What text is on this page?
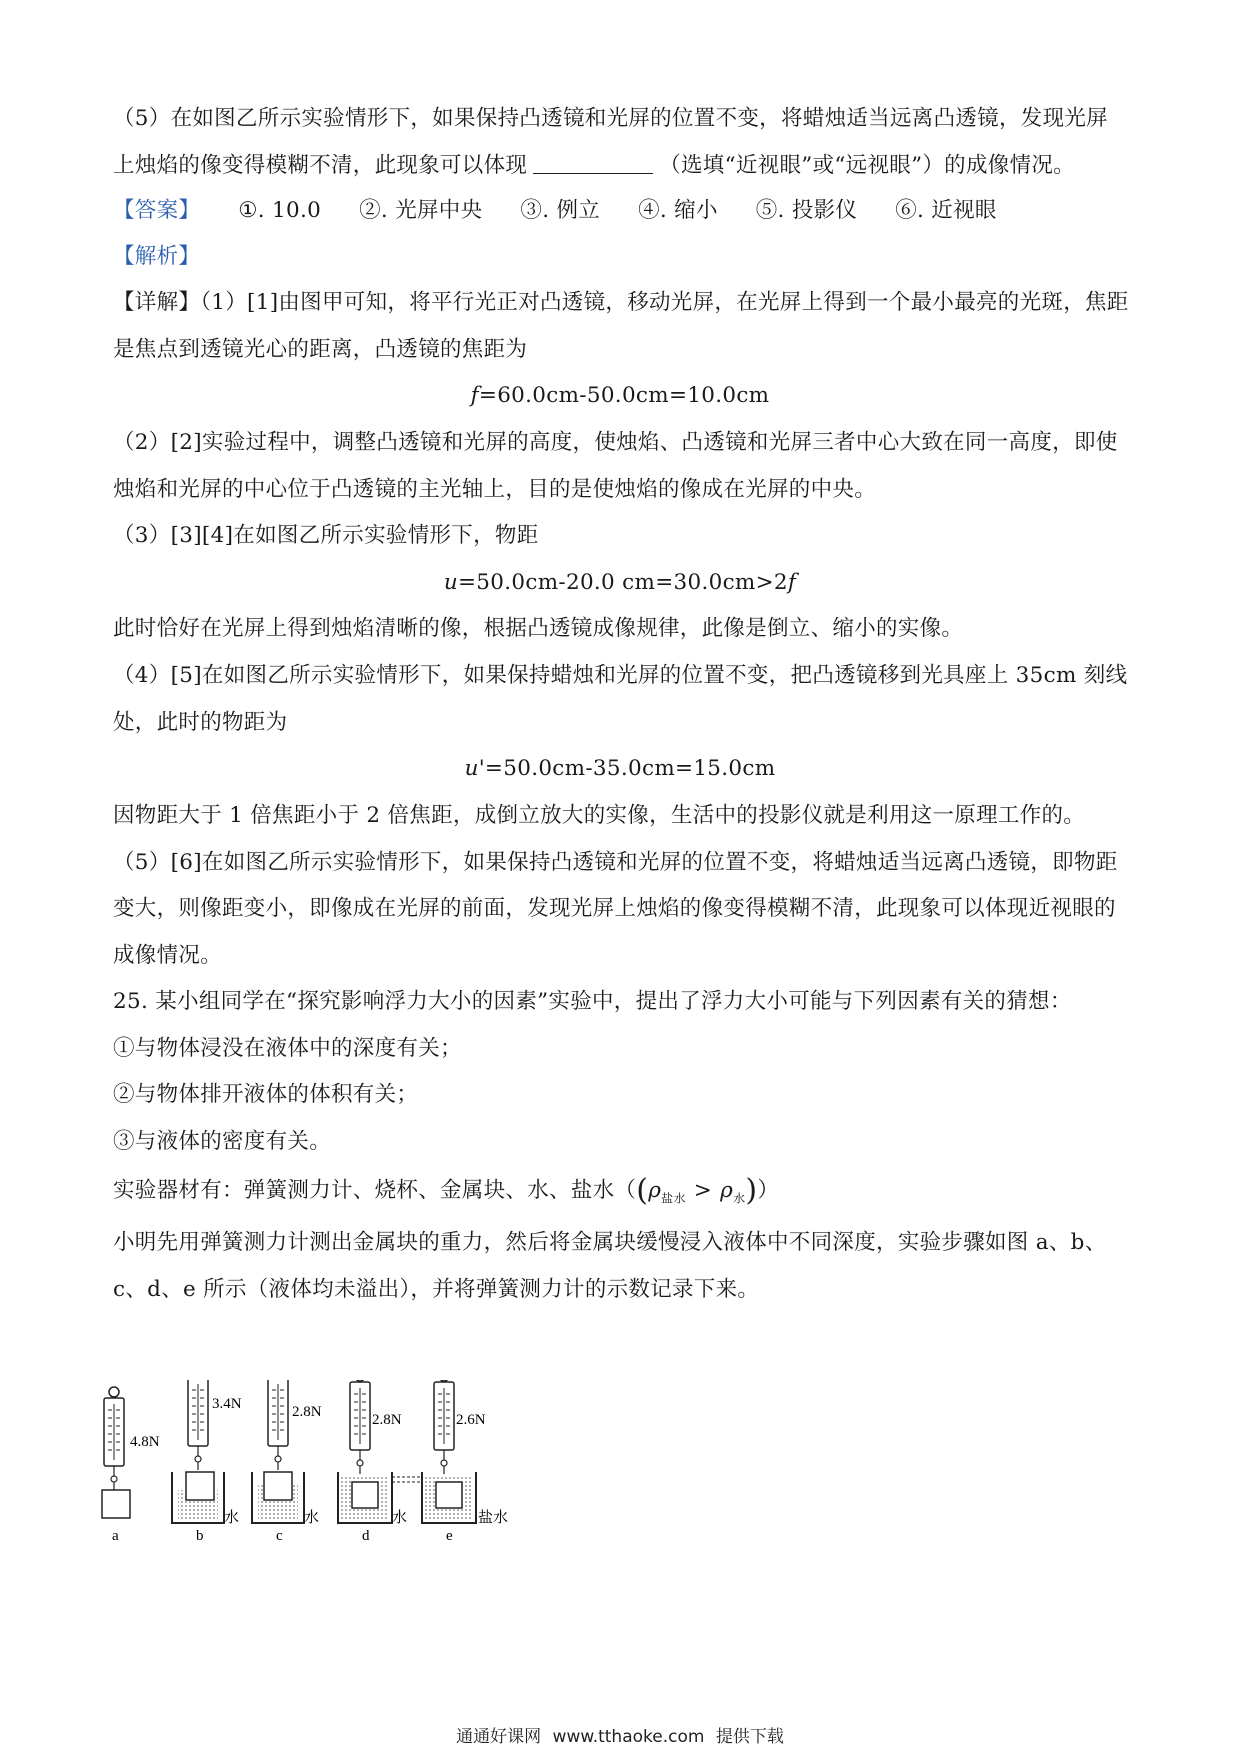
（5）在如图乙所示实验情形下，如果保持凸透镜和光屏的位置不变，将蜡烛适当远离凸透镜，发现光屏
上烛焰的像变得模糊不清，此现象可以体现	（选填“近视眼”或“远视眼”）的成像情况。
【答案】 ①. 10.0 ②. 光屏中央 ③. 例立 ④. 缩小 ⑤. 投影仪 ⑥. 近视眼
【解析】
【详解】（1）[1]由图甲可知，将平行光正对凸透镜，移动光屏，在光屏上得到一个最小最亮的光斑，焦距
是焦点到透镜光心的距离，凸透镜的焦距为
f=60.0cm-50.0cm=10.0cm
（2）[2]实验过程中，调整凸透镜和光屏的高度，使烛焰、凸透镜和光屏三者中心大致在同一高度，即使
烛焰和光屏的中心位于凸透镜的主光轴上，目的是使烛焰的像成在光屏的中央。
（3）[3][4]在如图乙所示实验情形下，物距
u=50.0cm-20.0 cm=30.0cm>2f
此时恰好在光屏上得到烛焰清晰的像，根据凸透镜成像规律，此像是倒立、缩小的实像。
（4）[5]在如图乙所示实验情形下，如果保持蜡烛和光屏的位置不变，把凸透镜移到光具座上 35cm 刻线
处，此时的物距为
u'=50.0cm-35.0cm=15.0cm
因物距大于 1 倍焦距小于 2 倍焦距，成倒立放大的实像，生活中的投影仪就是利用这一原理工作的。
（5）[6]在如图乙所示实验情形下，如果保持凸透镜和光屏的位置不变，将蜡烛适当远离凸透镜，即物距
变大，则像距变小，即像成在光屏的前面，发现光屏上烛焰的像变得模糊不清，此现象可以体现近视眼的
成像情况。
25. 某小组同学在“探究影响浮力大小的因素”实验中，提出了浮力大小可能与下列因素有关的猜想：
①与物体浸没在液体中的深度有关；
②与物体排开液体的体积有关；
③与液体的密度有关。
实验器材有：弹簧测力计、烧杯、金属块、水、盐水$((\rho_{盐水} > \rho_水))$
小明先用弹簧测力计测出金属块的重力，然后将金属块缓慢浸入液体中不同深度，实验步骤如图 a、b、
c、d、e 所示（液体均未溢出），并将弹簧测力计的示数记录下来。
4.8N
a
3.4N
水
b
2.8N
水
c
2.8N
水
d
2.6N
盐水
e
通通好课网 www.tthaoke.com 提供下载
